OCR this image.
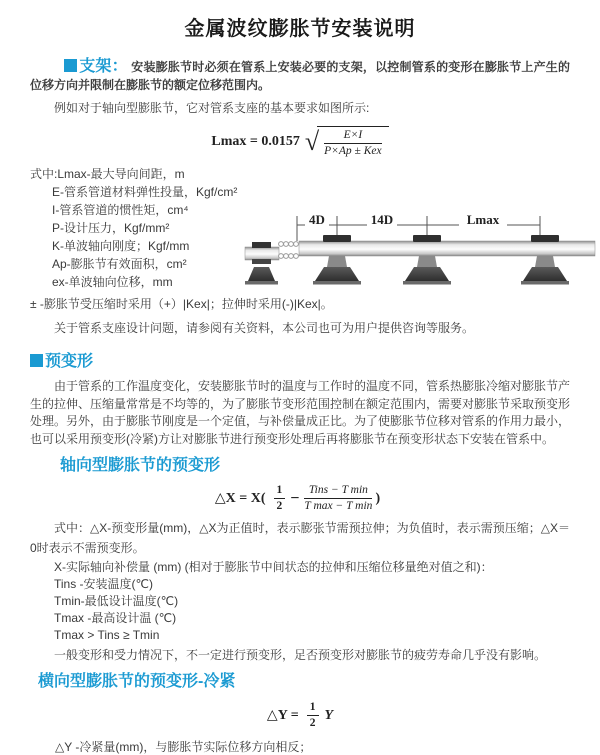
金属波纹膨胀节安装说明

支架： 安装膨胀节时必须在管系上安装必要的支架，以控制管系的变形在膨胀节上产生的位移方向并限制在膨胀节的额定位移范围内。

例如对于轴向型膨胀节，它对管系支座的基本要求如图所示:

Lmax = 0.0157 √ $\frac{E\times I}{\text{P×Ap ± Kex}}$
式中:Lmax-最大导向间距，m
E-管系管道材料弹性投量，Kgf/cm²
I-管系管道的惯性矩，cm⁴
P-设计压力，Kgf/mm²
K-单波轴向刚度；Kgf/mm
Ap-膨胀节有效面积，cm²
ex-单波轴向位移，mm
4D	14D	Lmax

± -膨胀节受压缩时采用（+）|Kex|；拉伸时采用(-)|Kex|。

关于管系支座设计问题，请参阅有关资料，本公司也可为用户提供咨询等服务。

预变形

由于管系的工作温度变化，安装膨胀节时的温度与工作时的温度不同，管系热膨胀冷缩对膨胀节产生的拉伸、压缩量常常是不均等的，为了膨胀节变形范围控制在额定范围内，需要对膨胀节采取预变形处理。另外，由于膨胀节刚度是一个定值，与补偿量成正比。为了使膨胀节位移对管系的作用力最小，也可以采用预变形(冷紧)方让对膨胀节进行预变形处理后再将膨胀节在预变形状态下安装在管系中。

轴向型膨胀节的预变形
△X = $X( \frac{1}{2} - \frac{\text{Tins − T min}}{\text{T max − T min}}$ )

式中：△X-预变形量(mm)，△X为正值时，表示膨张节需预拉伸；为负值时，表示需预压缩；△X＝0时表示不需预变形。

X-实际轴向补偿量 (mm) (相对于膨胀节中间状态的拉伸和压缩位移量绝对值之和)：
Tins -安装温度(℃)
Tmin-最低设计温度(℃)
Tmax -最高设计温 (℃)
Tmax > Tins ≥ Tmin

一般变形和受力情况下，不一定进行预变形，足否预变形对膨胀节的疲劳寿命几乎没有影响。

横向型膨胀节的预变形-冷紧
△Y = $\frac{1}{2}$ Y

△Y -冷紧量(mm)，与膨胀节实际位移方向相反；
